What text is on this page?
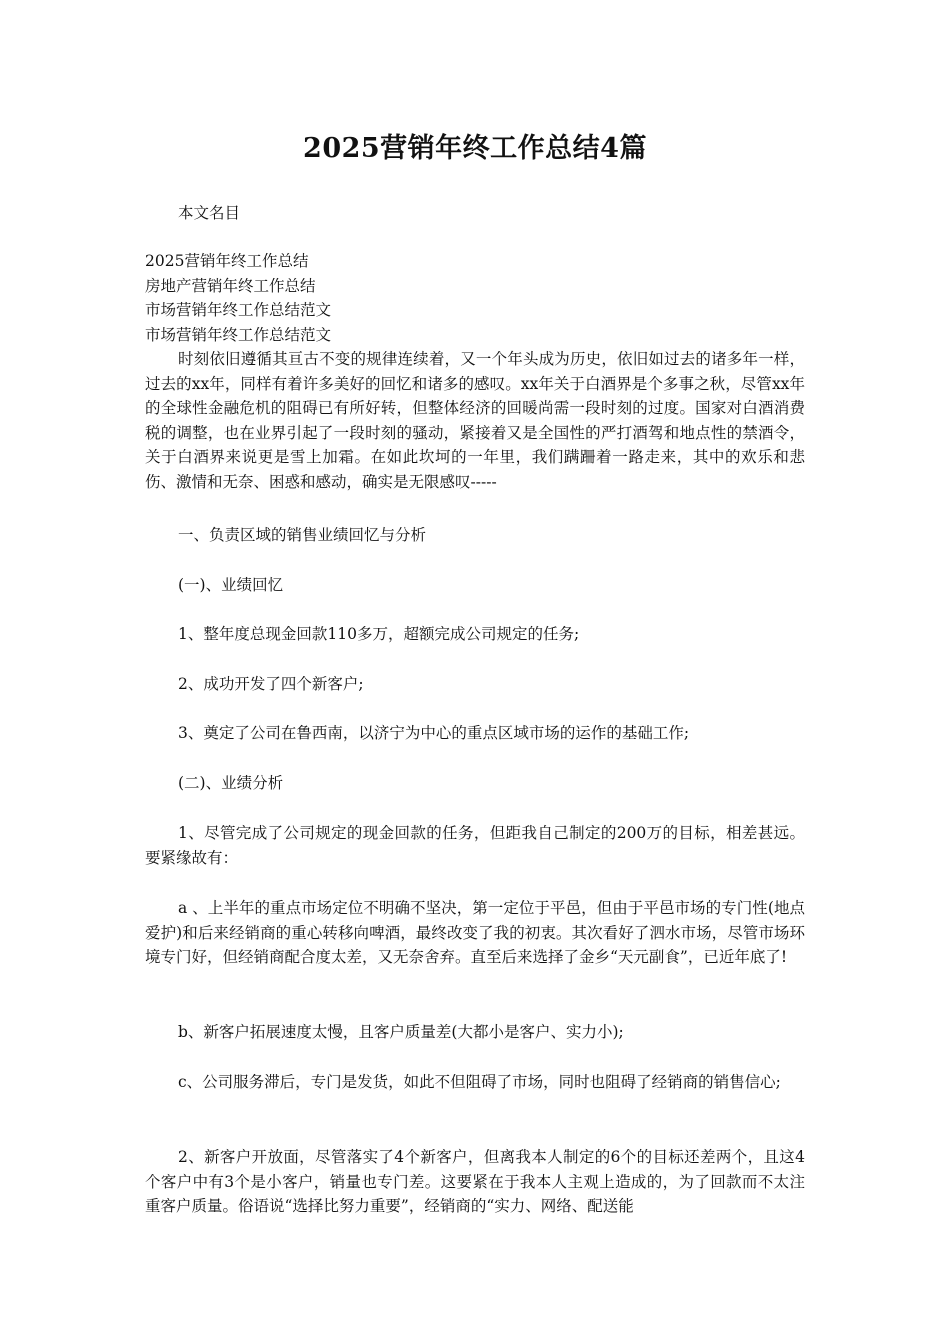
2025营销年终工作总结4篇

本文名目

2025营销年终工作总结
房地产营销年终工作总结
市场营销年终工作总结范文
市场营销年终工作总结范文

时刻依旧遵循其亘古不变的规律连续着，又一个年头成为历史，依旧如过去的诸多年一样，过去的xx年，同样有着许多美好的回忆和诸多的感叹。xx年关于白酒界是个多事之秋，尽管xx年的全球性金融危机的阻碍已有所好转，但整体经济的回暖尚需一段时刻的过度。国家对白酒消费税的调整，也在业界引起了一段时刻的骚动，紧接着又是全国性的严打酒驾和地点性的禁酒令，关于白酒界来说更是雪上加霜。在如此坎坷的一年里，我们蹒跚着一路走来，其中的欢乐和悲伤、激情和无奈、困惑和感动，确实是无限感叹-----

一、负责区域的销售业绩回忆与分析

(一)、业绩回忆

1、整年度总现金回款110多万，超额完成公司规定的任务;

2、成功开发了四个新客户;

3、奠定了公司在鲁西南，以济宁为中心的重点区域市场的运作的基础工作;

(二)、业绩分析

1、尽管完成了公司规定的现金回款的任务，但距我自己制定的200万的目标，相差甚远。要紧缘故有：

a 、上半年的重点市场定位不明确不坚决，第一定位于平邑，但由于平邑市场的专门性(地点爱护)和后来经销商的重心转移向啤酒，最终改变了我的初衷。其次看好了泗水市场，尽管市场环境专门好，但经销商配合度太差，又无奈舍弃。直至后来选择了金乡“天元副食”，已近年底了!

b、新客户拓展速度太慢，且客户质量差(大都小是客户、实力小);

c、公司服务滞后，专门是发货，如此不但阻碍了市场，同时也阻碍了经销商的销售信心;

2、新客户开放面，尽管落实了4个新客户，但离我本人制定的6个的目标还差两个，且这4个客户中有3个是小客户，销量也专门差。这要紧在于我本人主观上造成的，为了回款而不太注重客户质量。俗语说“选择比努力重要”，经销商的“实力、网络、配送能
